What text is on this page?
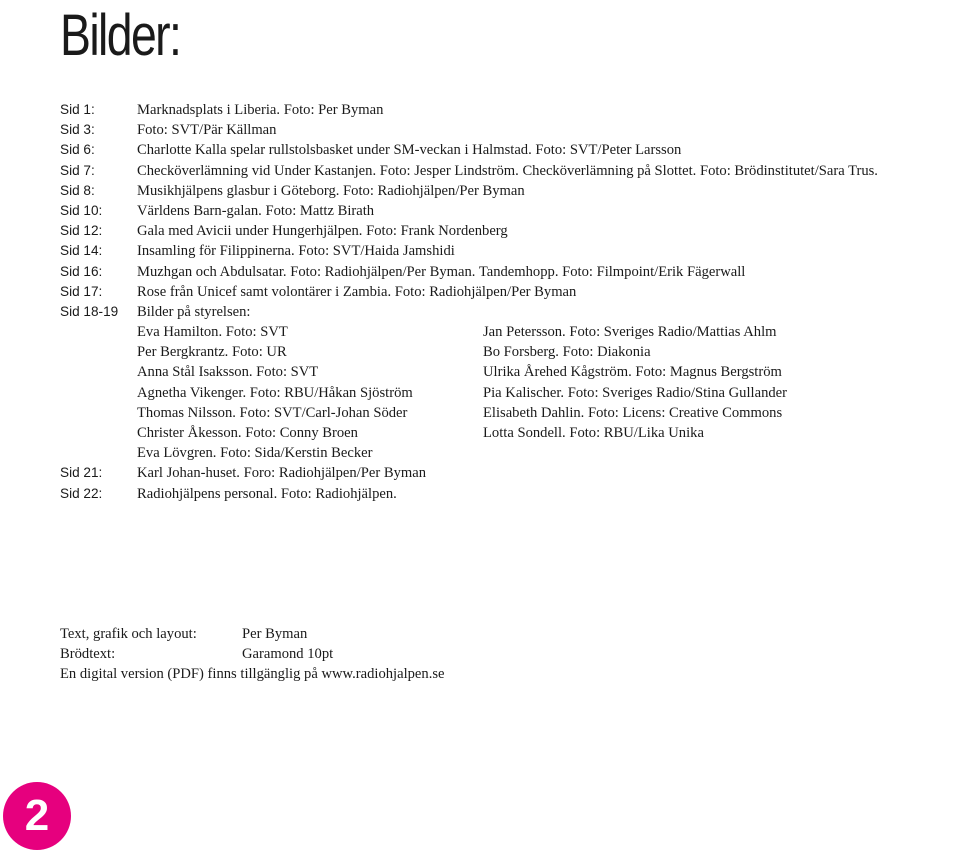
Bilder:
Sid 1:	Marknadsplats i Liberia. Foto: Per Byman
Sid 3:	Foto: SVT/Pär Källman
Sid 6:	Charlotte Kalla spelar rullstolsbasket under SM-veckan i Halmstad. Foto: SVT/Peter Larsson
Sid 7:	Checköverlämning vid Under Kastanjen. Foto: Jesper Lindström. Checköverlämning på Slottet. Foto: Brödinstitutet/Sara Trus.
Sid 8:	Musikhjälpens glasbur i Göteborg. Foto: Radiohjälpen/Per Byman
Sid 10: Världens Barn-galan. Foto: Mattz Birath
Sid 12: Gala med Avicii under Hungerhjälpen. Foto: Frank Nordenberg
Sid 14: Insamling för Filippinerna. Foto: SVT/Haida Jamshidi
Sid 16: Muzhgan och Abdulsatar. Foto: Radiohjälpen/Per Byman. Tandemhopp. Foto: Filmpoint/Erik Fägerwall
Sid 17: Rose från Unicef samt volontärer i Zambia. Foto: Radiohjälpen/Per Byman
Sid 18-19 Bilder på styrelsen:
Eva Hamilton. Foto: SVT	Jan Petersson. Foto: Sveriges Radio/Mattias Ahlm
Per Bergkrantz. Foto: UR	Bo Forsberg. Foto: Diakonia
Anna Stål Isaksson. Foto: SVT	Ulrika Årehed Kågström. Foto: Magnus Bergström
Agnetha Vikenger. Foto: RBU/Håkan Sjöström	Pia Kalischer. Foto: Sveriges Radio/Stina Gullander
Thomas Nilsson. Foto: SVT/Carl-Johan Söder	Elisabeth Dahlin. Foto: Licens: Creative Commons
Christer Åkesson. Foto: Conny Broen	Lotta Sondell. Foto: RBU/Lika Unika
Eva Lövgren. Foto: Sida/Kerstin Becker
Sid 21: Karl Johan-huset. Foro: Radiohjälpen/Per Byman
Sid 22: Radiohjälpens personal. Foto: Radiohjälpen.
Text, grafik och layout:	Per Byman
Brödtext:	Garamond 10pt
En digital version (PDF) finns tillgänglig på www.radiohjalpen.se
2
